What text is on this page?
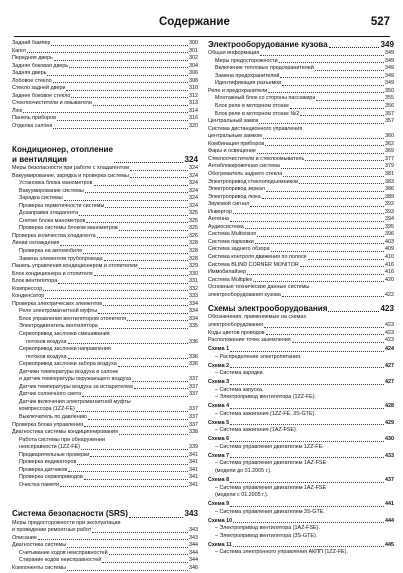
Содержание	527
Задний бампер	300
Капот	301
Передняя дверь	302
Задняя боковая дверь	304
Задняя дверь	306
Лобовое стекло	308
Стекло задней двери	310
Заднее боковое стекло	312
Стеклоочистители и омыватели	313
Люк	314
Панель приборов	316
Отделка салона	320
Кондиционер, отопление
и вентиляция	324
Меры безопасности при работе с хладагентом	324
Вакуумирование, зарядка и проверка системы	324
Установка блока манометров	324
Вакуумирование системы	324
Зарядка системы	324
Проверка герметичности системы	324
Дозаправка хладагента	325
Снятие блока манометров	325
Проверка системы блоком манометров	325
Проверка количества хладагента	326
Линии охлаждения	328
Проверка на автомобиле	328
Замена элементов трубопровода	328
Панель управления кондиционером и отопителем	329
Блок кондиционера и отопителя	330
Блок вентилятора	331
Компрессор	332
Конденсатор	333
Проверка электрических элементов	334
Реле электромагнитной муфты	334
Блок управления вентилятором отопителя	334
Электродвигатель вентилятора	335
Сервопривод заслонки смешивания
потоков воздуха	336
Сервопривод заслонки направления
потоков воздуха	336
Сервопривод заслонки забора воздуха	336
Датчики температуры воздуха в салоне
и датчик температуры окружающего воздуха	337
Датчик температуры воздуха за испарителем	337
Датчик солнечного света	337
Датчик включения электромагнитной муфты
компрессора (1ZZ-FE)	337
Выключатель по давлению	337
Проверка блока управления	337
Диагностика системы кондиционирования	338
Работа системы при обнаружении
неисправности (1ZZ-FE)	339
Предварительные проверки	341
Проверка индикаторов	341
Проверка датчиков	341
Проверка сервоприводов	341
Очистка памяти	341
Система безопасности (SRS)	343
Меры предосторожности при эксплуатации
и проведении ремонтных работ	343
Описание	343
Диагностика системы	344
Считывание кодов неисправностей	344
Стирание кодов неисправностей	344
Компоненты системы	346
Электрооборудование кузова	349
Общая информация	349
Меры предосторожности	349
Включение тепловых предохранителей	349
Замена предохранителей	349
Идентификация разъемов	349
Реле и предохранители	350
Монтажный блок со стороны пассажира	355
Блок реле в моторном отсеке	356
Блок реле в моторном отсеке №2	357
Центральный замок	357
Система дистанционного управления
центральным замком	360
Комбинация приборов	362
Фары и освещение	369
Стеклоочистители и стеклоомыватель	377
Антиблокировочная система	379
Обогреватель заднего стекла	381
Электропривод стеклоподъемников	383
Электропривод зеркал	386
Электропривод люка	389
Звуковой сигнал	392
Инвертор	393
Антенна	394
Аудиосистема	395
Система Multivision	396
Система парковки	403
Система заднего обзора	409
Система контроля движения по полосе	410
Система BLIND CORNER MONITOR	416
Иммобилайзер	416
Система Multiplex	420
Основные технические данные системы
электрооборудования кузова	422
Схемы электрооборудования	423
Обозначения, применяемые на схемах
электрооборудования	423
Коды цветов проводов	423
Расположение точек заземления	423
Схема 1	424
– Распределение электропитания.
Схема 2	427
– Система зарядки.
Схема 3	427
– Система запуска.
– Электропривод вентилятора (1ZZ-FE).
Схема 4	428
– Система зажигания (1ZZ-FE, 3S-GTE).
Схема 5	429
– Система зажигания (1AZ-FSE).
Схема 6	430
– Система управления двигателем 1ZZ-FE.
Схема 7	433
– Система управления двигателем 1AZ-FSE
(модели до 01.2005 г.).
Схема 8	437
– Система управления двигателем 1AZ-FSE
(модели с 01.2005 г.).
Схема 9	441
– Система управления двигателем 3S-GTE.
Схема 10	444
– Электропривод вентилятора (1AZ-FSE).
– Электропривод вентилятора (3S-GTE).
Схема 11	445
– Система электронного управления АКПП (1ZZ-FE).
